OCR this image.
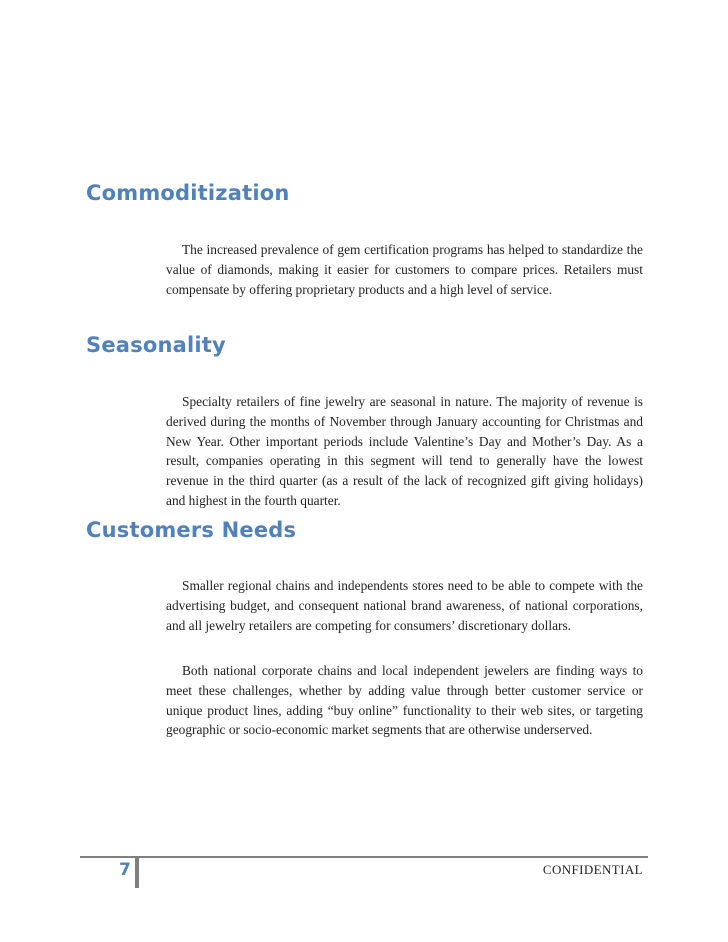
Commoditization

The increased prevalence of gem certification programs has helped to standardize the value of diamonds, making it easier for customers to compare prices. Retailers must compensate by offering proprietary products and a high level of service.

Seasonality

Specialty retailers of fine jewelry are seasonal in nature. The majority of revenue is derived during the months of November through January accounting for Christmas and New Year. Other important periods include Valentine’s Day and Mother’s Day. As a result, companies operating in this segment will tend to generally have the lowest revenue in the third quarter (as a result of the lack of recognized gift giving holidays) and highest in the fourth quarter.

Customers Needs

Smaller regional chains and independents stores need to be able to compete with the advertising budget, and consequent national brand awareness, of national corporations, and all jewelry retailers are competing for consumers’ discretionary dollars.

Both national corporate chains and local independent jewelers are finding ways to meet these challenges, whether by adding value through better customer service or unique product lines, adding “buy online” functionality to their web sites, or targeting geographic or socio-economic market segments that are otherwise underserved.

7	CONFIDENTIAL
